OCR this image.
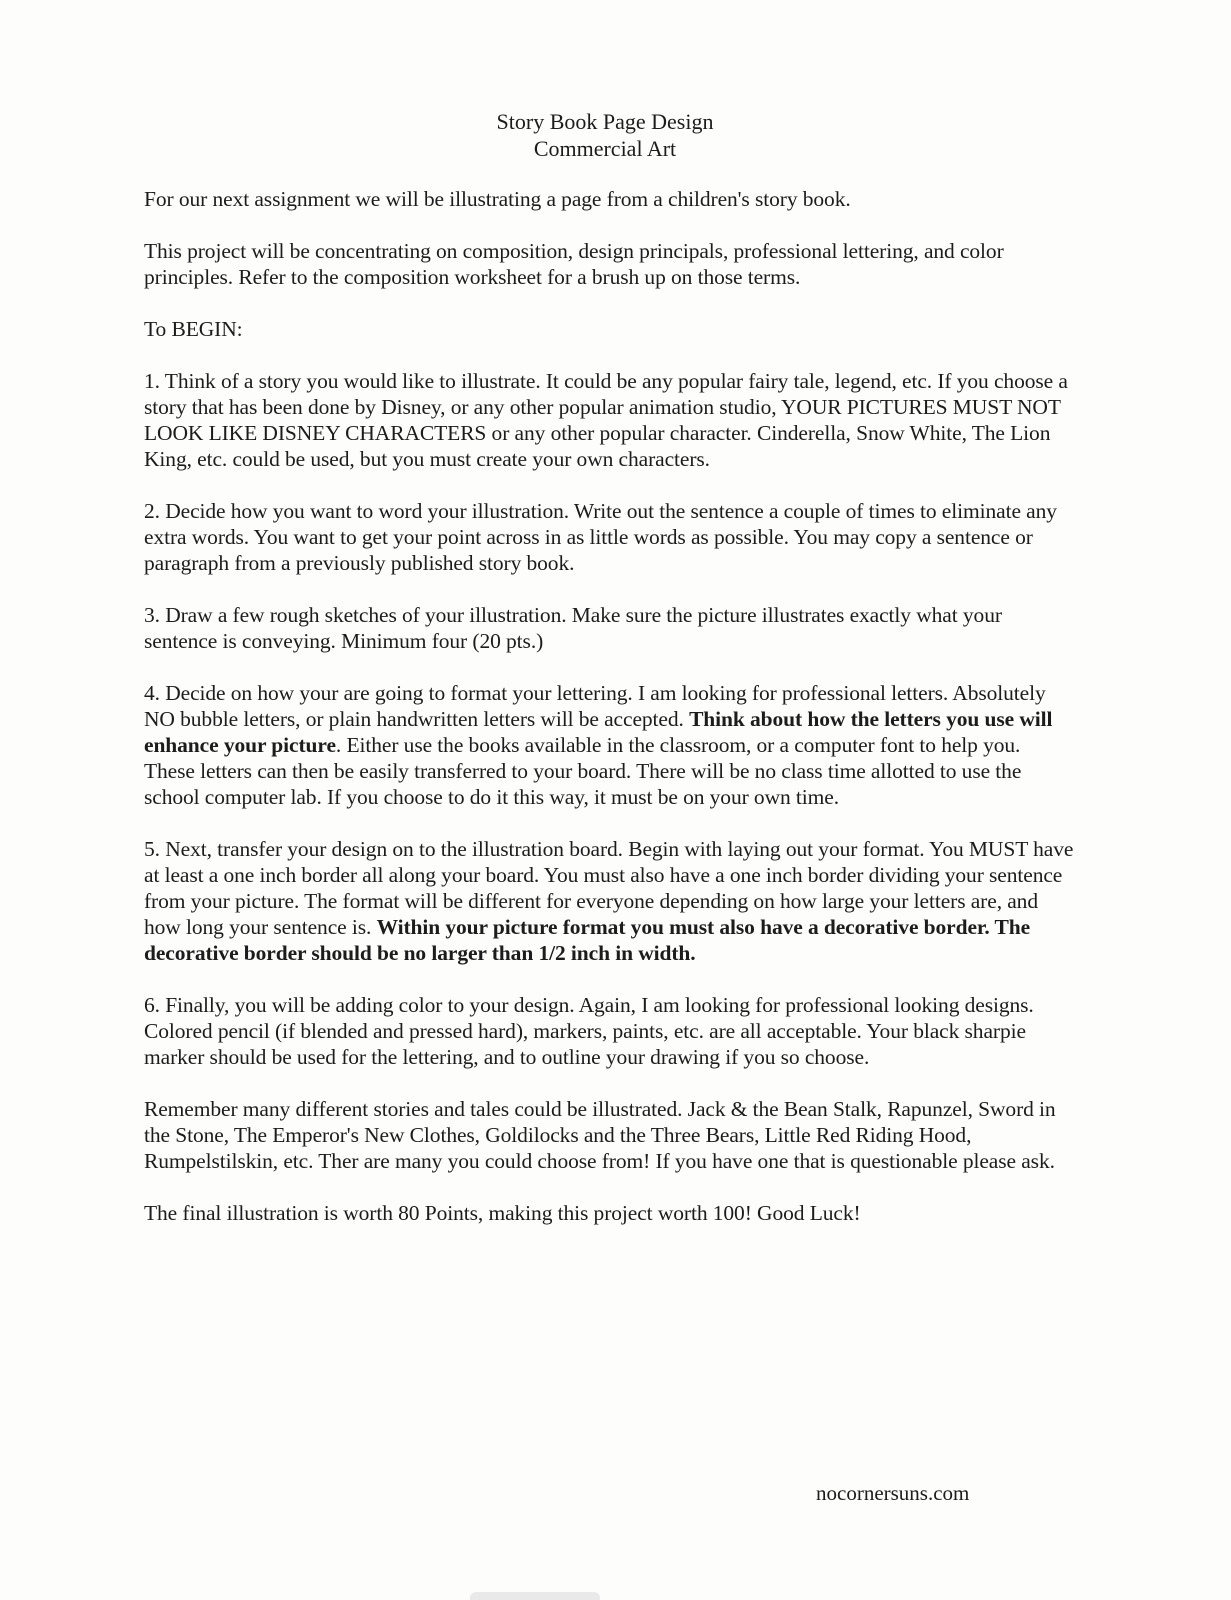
Story Book Page Design
Commercial Art

For our next assignment we will be illustrating a page from a children's story book.

This project will be concentrating on composition, design principals, professional lettering, and color principles. Refer to the composition worksheet for a brush up on those terms.

To BEGIN:

1. Think of a story you would like to illustrate. It could be any popular fairy tale, legend, etc. If you choose a story that has been done by Disney, or any other popular animation studio, YOUR PICTURES MUST NOT LOOK LIKE DISNEY CHARACTERS or any other popular character. Cinderella, Snow White, The Lion King, etc. could be used, but you must create your own characters.

2. Decide how you want to word your illustration. Write out the sentence a couple of times to eliminate any extra words. You want to get your point across in as little words as possible. You may copy a sentence or paragraph from a previously published story book.

3. Draw a few rough sketches of your illustration. Make sure the picture illustrates exactly what your sentence is conveying. Minimum four (20 pts.)

4. Decide on how your are going to format your lettering. I am looking for professional letters. Absolutely NO bubble letters, or plain handwritten letters will be accepted. Think about how the letters you use will enhance your picture. Either use the books available in the classroom, or a computer font to help you. These letters can then be easily transferred to your board. There will be no class time allotted to use the school computer lab. If you choose to do it this way, it must be on your own time.

5. Next, transfer your design on to the illustration board. Begin with laying out your format. You MUST have at least a one inch border all along your board. You must also have a one inch border dividing your sentence from your picture. The format will be different for everyone depending on how large your letters are, and how long your sentence is. Within your picture format you must also have a decorative border. The decorative border should be no larger than 1/2 inch in width.

6. Finally, you will be adding color to your design. Again, I am looking for professional looking designs. Colored pencil (if blended and pressed hard), markers, paints, etc. are all acceptable. Your black sharpie marker should be used for the lettering, and to outline your drawing if you so choose.

Remember many different stories and tales could be illustrated. Jack & the Bean Stalk, Rapunzel, Sword in the Stone, The Emperor's New Clothes, Goldilocks and the Three Bears, Little Red Riding Hood, Rumpelstilskin, etc. Ther are many you could choose from! If you have one that is questionable please ask.

The final illustration is worth 80 Points, making this project worth 100! Good Luck!

nocornersuns.com
